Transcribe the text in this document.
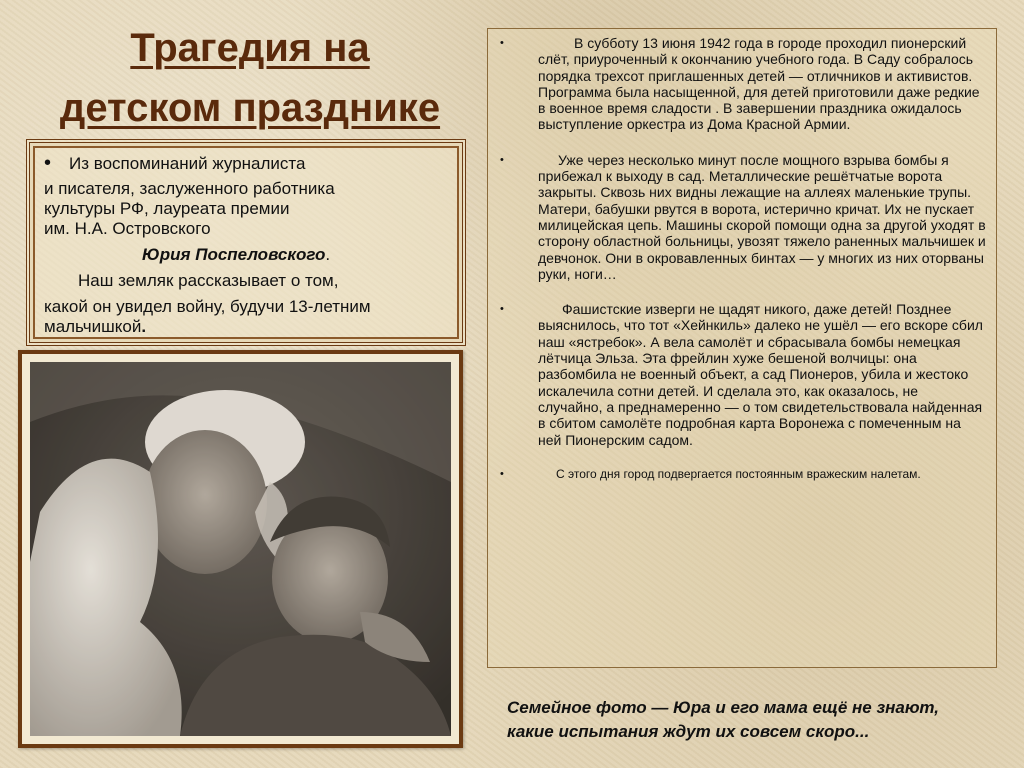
Трагедия на
детском празднике
• Из воспоминаний журналиста
и писателя, заслуженного работника
культуры РФ, лауреата премии
им. Н.А. Островского
Юрия Поспеловского.
Наш земляк рассказывает о том,
какой он увидел войну, будучи 13-летним
мальчишкой.
•	В субботу 13 июня 1942 года в городе проходил пионерский слёт, приуроченный к окончанию учебного года. В Саду собралось порядка трехсот приглашенных детей — отличников и активистов. Программа была насыщенной, для детей приготовили даже редкие в военное время сладости . В завершении праздника ожидалось выступление оркестра из Дома Красной Армии.
•	Уже через несколько минут после мощного взрыва бомбы я прибежал к выходу в сад. Металлические решётчатые ворота закрыты. Сквозь них видны лежащие на аллеях маленькие трупы. Матери, бабушки рвутся в ворота, истерично кричат. Их не пускает милицейская цепь. Машины скорой помощи одна за другой уходят в сторону областной больницы, увозят тяжело раненных мальчишек и девчонок. Они в окровавленных бинтах — у многих из них оторваны руки, ноги…
•	Фашистские изверги не щадят никого, даже детей! Позднее выяснилось, что тот «Хейнкиль» далеко не ушёл — его вскоре сбил наш «ястребок». А вела самолёт и сбрасывала бомбы немецкая лётчица Эльза. Эта фрейлин хуже бешеной волчицы: она разбомбила не военный объект, а сад Пионеров, убила и жестоко искалечила сотни детей. И сделала это, как оказалось, не случайно, а преднамеренно — о том свидетельствовала найденная в сбитом самолёте подробная карта Воронежа с помеченным на ней Пионерским садом.
•	С этого дня город подвергается постоянным вражеским налетам.
Семейное фото — Юра и его мама ещё не знают, какие испытания ждут их совсем скоро...
